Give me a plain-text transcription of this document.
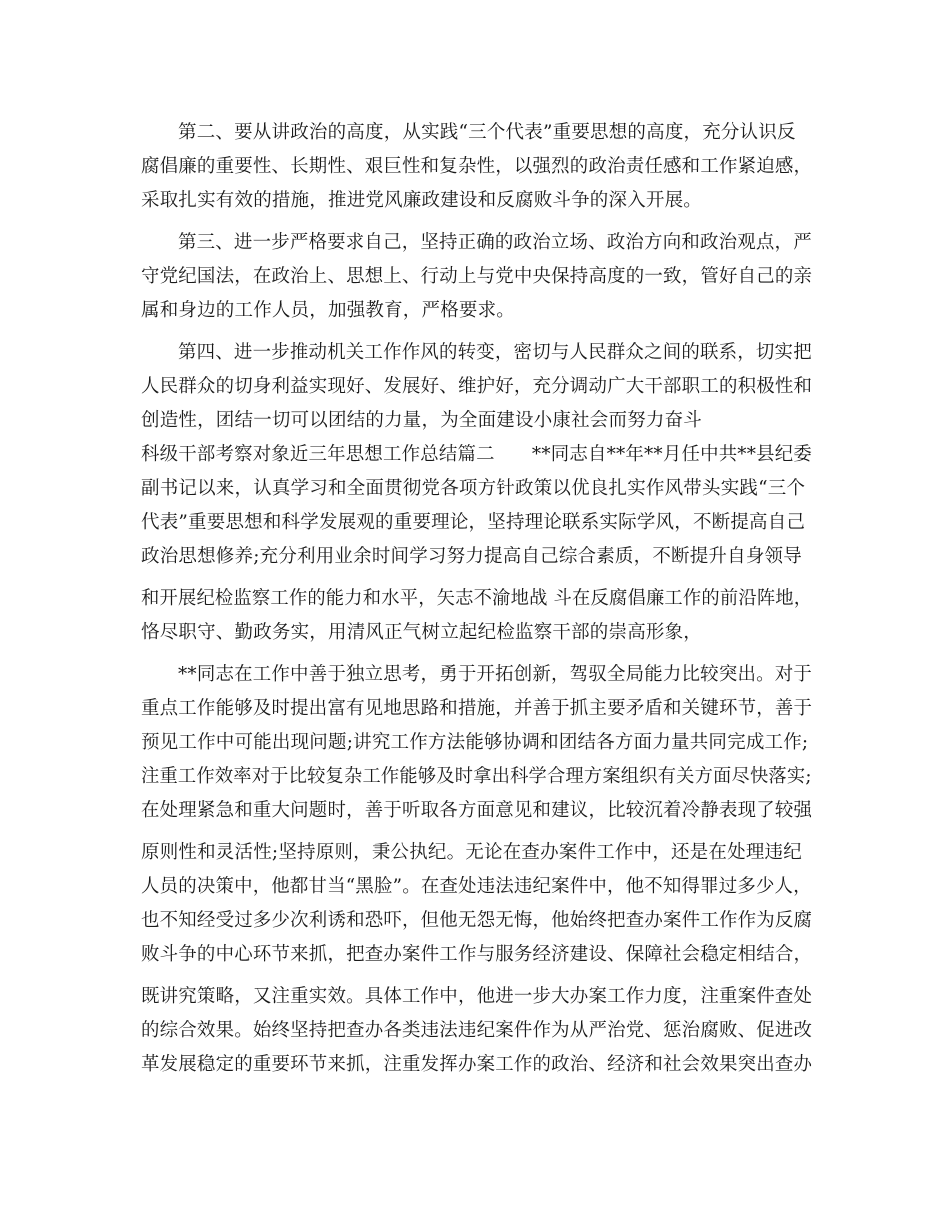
第二、要从讲政治的高度，从实践“三个代表”重要思想的高度，充分认识反
腐倡廉的重要性、长期性、艰巨性和复杂性，以强烈的政治责任感和工作紧迫感，
采取扎实有效的措施，推进党风廉政建设和反腐败斗争的深入开展。
第三、进一步严格要求自己，坚持正确的政治立场、政治方向和政治观点，严
守党纪国法，在政治上、思想上、行动上与党中央保持高度的一致，管好自己的亲
属和身边的工作人员，加强教育，严格要求。
第四、进一步推动机关工作作风的转变，密切与人民群众之间的联系，切实把
人民群众的切身利益实现好、发展好、维护好，充分调动广大干部职工的积极性和
创造性，团结一切可以团结的力量，为全面建设小康社会而努力奋斗
科级干部考察对象近三年思想工作总结篇二　　**同志自**年**月任中共**县纪委
副书记以来，认真学习和全面贯彻党各项方针政策以优良扎实作风带头实践“三个
代表”重要思想和科学发展观的重要理论，坚持理论联系实际学风，不断提高自己
政治思想修养;充分利用业余时间学习努力提高自己综合素质，不断提升自身领导
和开展纪检监察工作的能力和水平，矢志不渝地战 斗在反腐倡廉工作的前沿阵地，
恪尽职守、勤政务实，用清风正气树立起纪检监察干部的崇高形象，
**同志在工作中善于独立思考，勇于开拓创新，驾驭全局能力比较突出。对于
重点工作能够及时提出富有见地思路和措施，并善于抓主要矛盾和关键环节，善于
预见工作中可能出现问题;讲究工作方法能够协调和团结各方面力量共同完成工作;
注重工作效率对于比较复杂工作能够及时拿出科学合理方案组织有关方面尽快落实;
在处理紧急和重大问题时，善于听取各方面意见和建议，比较沉着冷静表现了较强
原则性和灵活性;坚持原则，秉公执纪。无论在查办案件工作中，还是在处理违纪
人员的决策中，他都甘当“黑脸”。在查处违法违纪案件中，他不知得罪过多少人，
也不知经受过多少次利诱和恐吓，但他无怨无悔，他始终把查办案件工作作为反腐
败斗争的中心环节来抓，把查办案件工作与服务经济建设、保障社会稳定相结合，
既讲究策略，又注重实效。具体工作中，他进一步大办案工作力度，注重案件查处
的综合效果。始终坚持把查办各类违法违纪案件作为从严治党、惩治腐败、促进改
革发展稳定的重要环节来抓，注重发挥办案工作的政治、经济和社会效果突出查办
